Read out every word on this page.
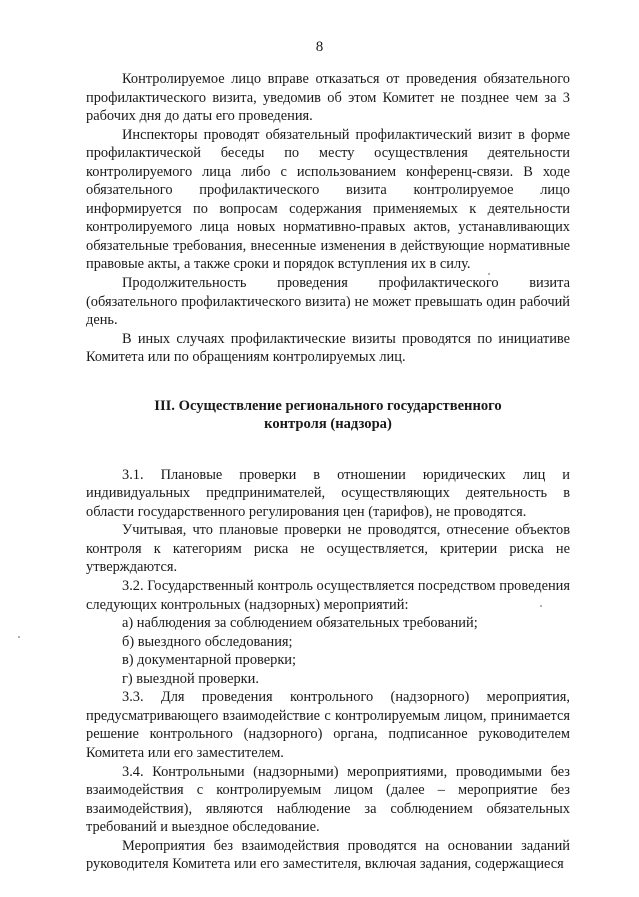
8

Контролируемое лицо вправе отказаться от проведения обязательного профилактического визита, уведомив об этом Комитет не позднее чем за 3 рабочих дня до даты его проведения.

Инспекторы проводят обязательный профилактический визит в форме профилактической беседы по месту осуществления деятельности контролируемого лица либо с использованием конференц-связи. В ходе обязательного профилактического визита контролируемое лицо информируется по вопросам содержания применяемых к деятельности контролируемого лица новых нормативно-правых актов, устанавливающих обязательные требования, внесенные изменения в действующие нормативные правовые акты, а также сроки и порядок вступления их в силу.

Продолжительность проведения профилактического визита (обязательного профилактического визита) не может превышать один рабочий день.

В иных случаях профилактические визиты проводятся по инициативе Комитета или по обращениям контролируемых лиц.

III. Осуществление регионального государственного
контроля (надзора)

3.1. Плановые проверки в отношении юридических лиц и индивидуальных предпринимателей, осуществляющих деятельность в области государственного регулирования цен (тарифов), не проводятся.

Учитывая, что плановые проверки не проводятся, отнесение объектов контроля к категориям риска не осуществляется, критерии риска не утверждаются.

3.2. Государственный контроль осуществляется посредством проведения следующих контрольных (надзорных) мероприятий:

а) наблюдения за соблюдением обязательных требований;

б) выездного обследования;

в) документарной проверки;

г) выездной проверки.

3.3. Для проведения контрольного (надзорного) мероприятия, предусматривающего взаимодействие с контролируемым лицом, принимается решение контрольного (надзорного) органа, подписанное руководителем Комитета или его заместителем.

3.4. Контрольными (надзорными) мероприятиями, проводимыми без взаимодействия с контролируемым лицом (далее – мероприятие без взаимодействия), являются наблюдение за соблюдением обязательных требований и выездное обследование.

Мероприятия без взаимодействия проводятся на основании заданий руководителя Комитета или его заместителя, включая задания, содержащиеся
